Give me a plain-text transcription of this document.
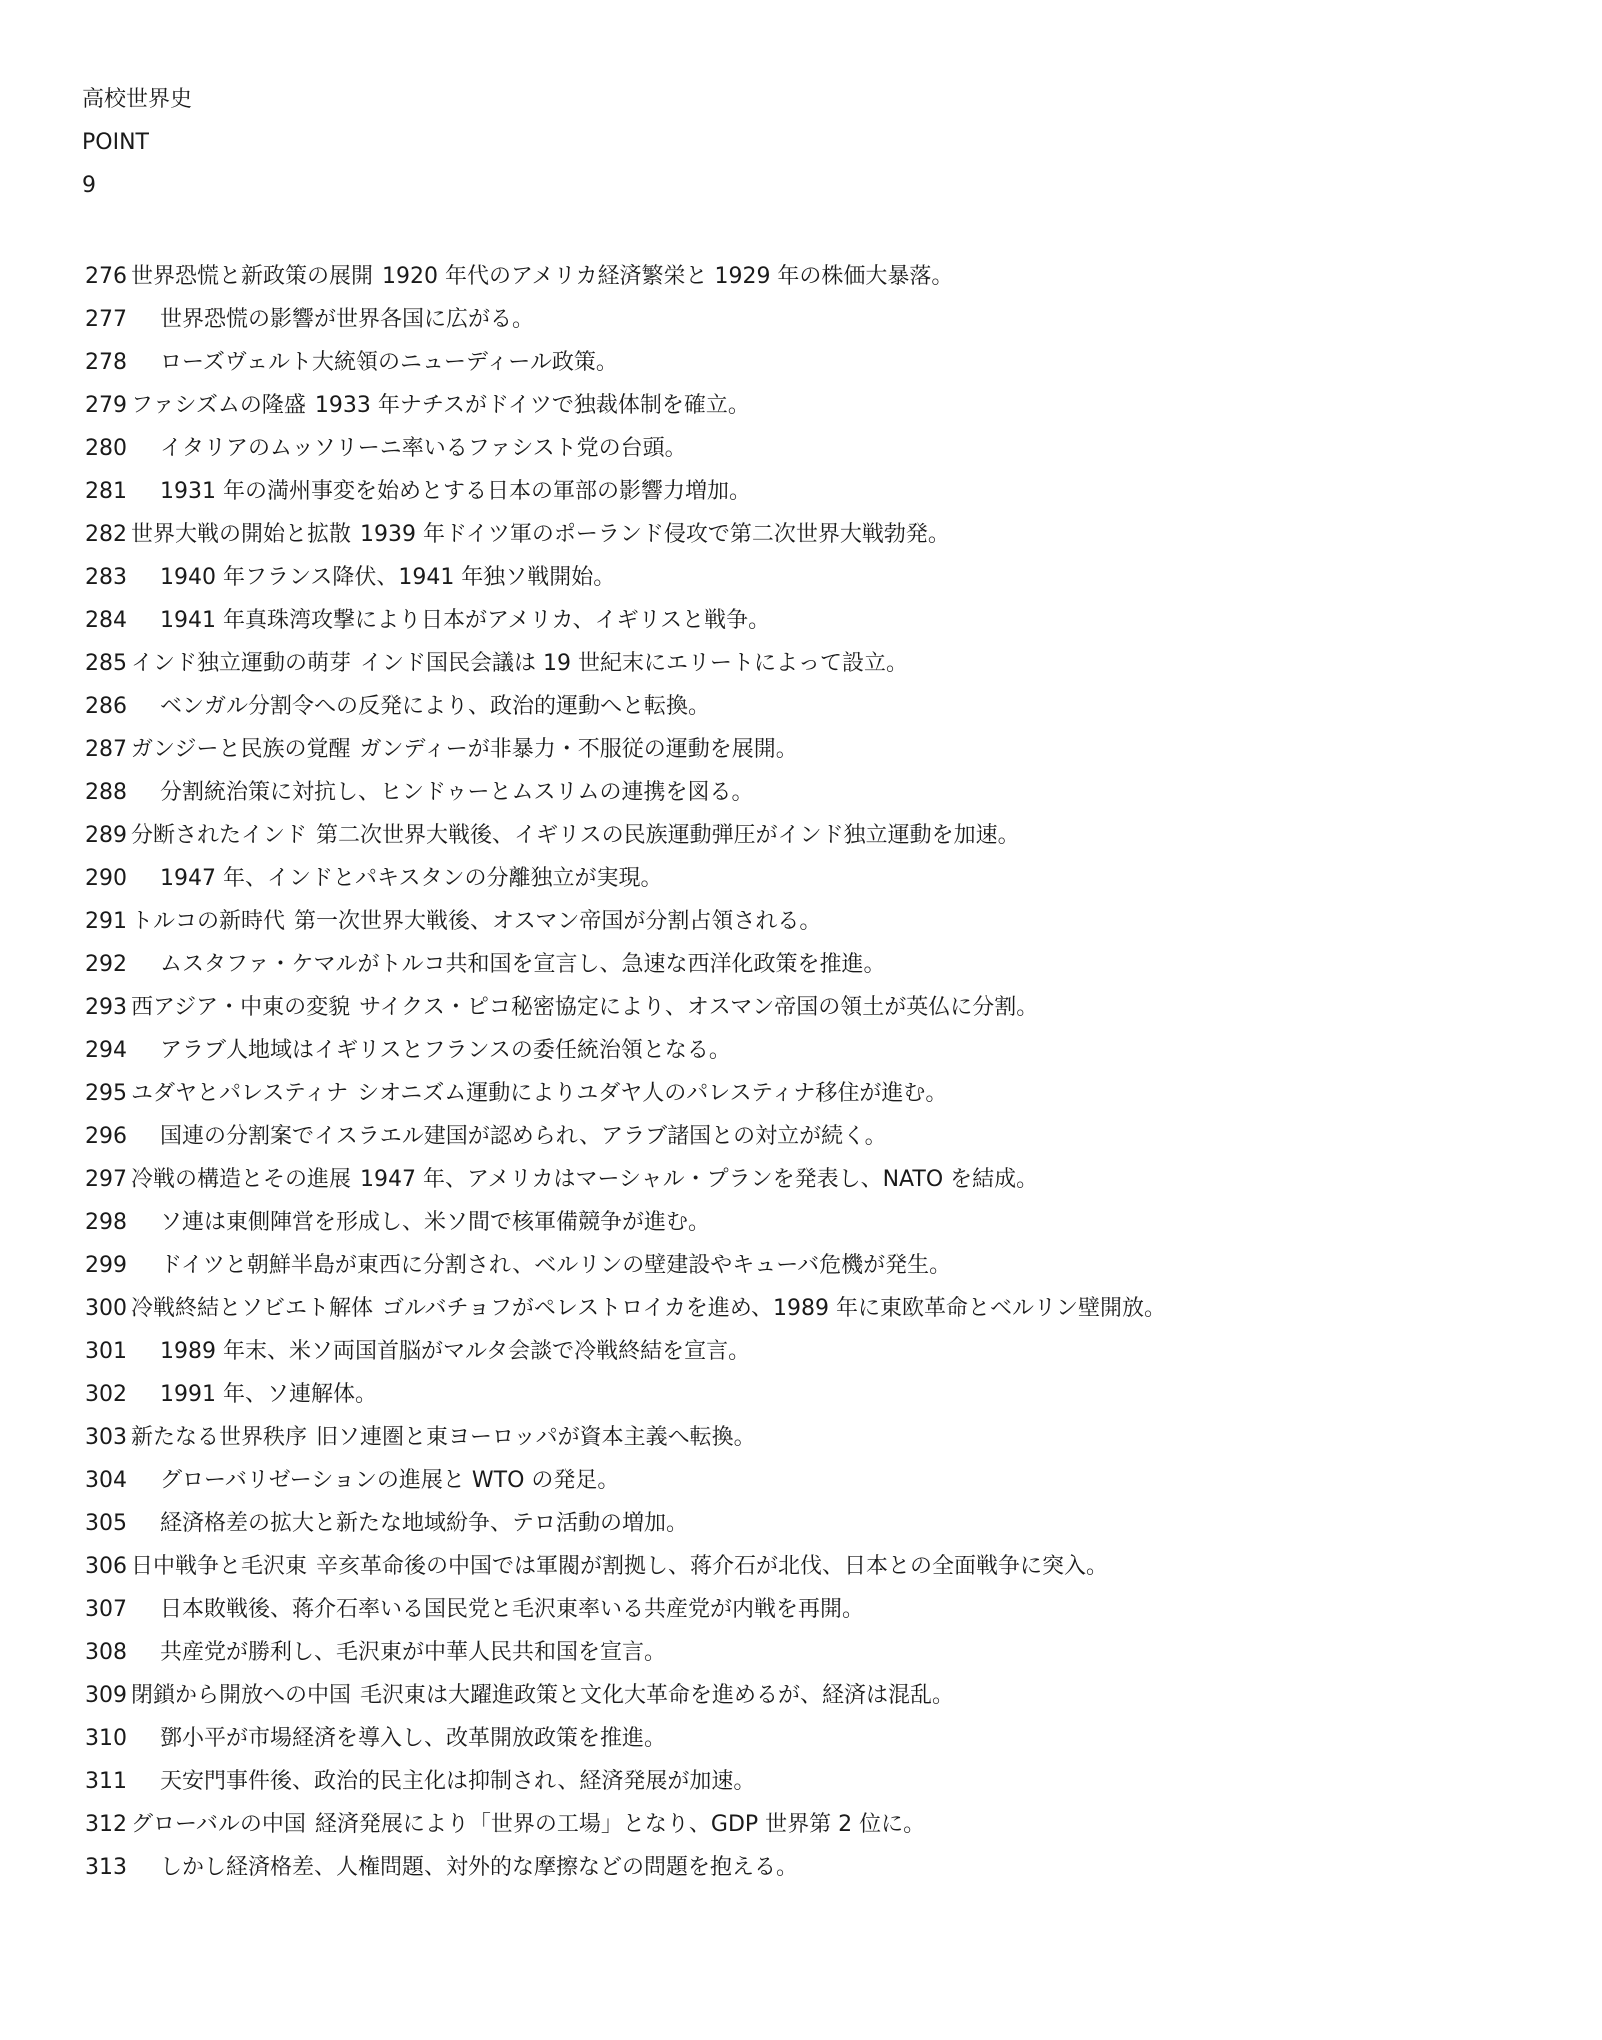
高校世界史
POINT
9
276 世界恐慌と新政策の展開 1920 年代のアメリカ経済繁栄と 1929 年の株価大暴落。
277	世界恐慌の影響が世界各国に広がる。
278	ローズヴェルト大統領のニューディール政策。
279 ファシズムの隆盛 1933 年ナチスがドイツで独裁体制を確立。
280	イタリアのムッソリーニ率いるファシスト党の台頭。
281	1931 年の満州事変を始めとする日本の軍部の影響力増加。
282 世界大戦の開始と拡散 1939 年ドイツ軍のポーランド侵攻で第二次世界大戦勃発。
283	1940 年フランス降伏、1941 年独ソ戦開始。
284	1941 年真珠湾攻撃により日本がアメリカ、イギリスと戦争。
285 インド独立運動の萌芽 インド国民会議は 19 世紀末にエリートによって設立。
286	ベンガル分割令への反発により、政治的運動へと転換。
287 ガンジーと民族の覚醒 ガンディーが非暴力・不服従の運動を展開。
288	分割統治策に対抗し、ヒンドゥーとムスリムの連携を図る。
289 分断されたインド 第二次世界大戦後、イギリスの民族運動弾圧がインド独立運動を加速。
290	1947 年、インドとパキスタンの分離独立が実現。
291 トルコの新時代 第一次世界大戦後、オスマン帝国が分割占領される。
292	ムスタファ・ケマルがトルコ共和国を宣言し、急速な西洋化政策を推進。
293 西アジア・中東の変貌 サイクス・ピコ秘密協定により、オスマン帝国の領土が英仏に分割。
294	アラブ人地域はイギリスとフランスの委任統治領となる。
295 ユダヤとパレスティナ シオニズム運動によりユダヤ人のパレスティナ移住が進む。
296	国連の分割案でイスラエル建国が認められ、アラブ諸国との対立が続く。
297 冷戦の構造とその進展 1947 年、アメリカはマーシャル・プランを発表し、NATO を結成。
298	ソ連は東側陣営を形成し、米ソ間で核軍備競争が進む。
299	ドイツと朝鮮半島が東西に分割され、ベルリンの壁建設やキューバ危機が発生。
300 冷戦終結とソビエト解体 ゴルバチョフがペレストロイカを進め、1989 年に東欧革命とベルリン壁開放。
301	1989 年末、米ソ両国首脳がマルタ会談で冷戦終結を宣言。
302	1991 年、ソ連解体。
303 新たなる世界秩序 旧ソ連圏と東ヨーロッパが資本主義へ転換。
304	グローバリゼーションの進展と WTO の発足。
305	経済格差の拡大と新たな地域紛争、テロ活動の増加。
306 日中戦争と毛沢東 辛亥革命後の中国では軍閥が割拠し、蒋介石が北伐、日本との全面戦争に突入。
307	日本敗戦後、蒋介石率いる国民党と毛沢東率いる共産党が内戦を再開。
308	共産党が勝利し、毛沢東が中華人民共和国を宣言。
309 閉鎖から開放への中国 毛沢東は大躍進政策と文化大革命を進めるが、経済は混乱。
310	鄧小平が市場経済を導入し、改革開放政策を推進。
311	天安門事件後、政治的民主化は抑制され、経済発展が加速。
312 グローバルの中国 経済発展により「世界の工場」となり、GDP 世界第 2 位に。
313	しかし経済格差、人権問題、対外的な摩擦などの問題を抱える。
